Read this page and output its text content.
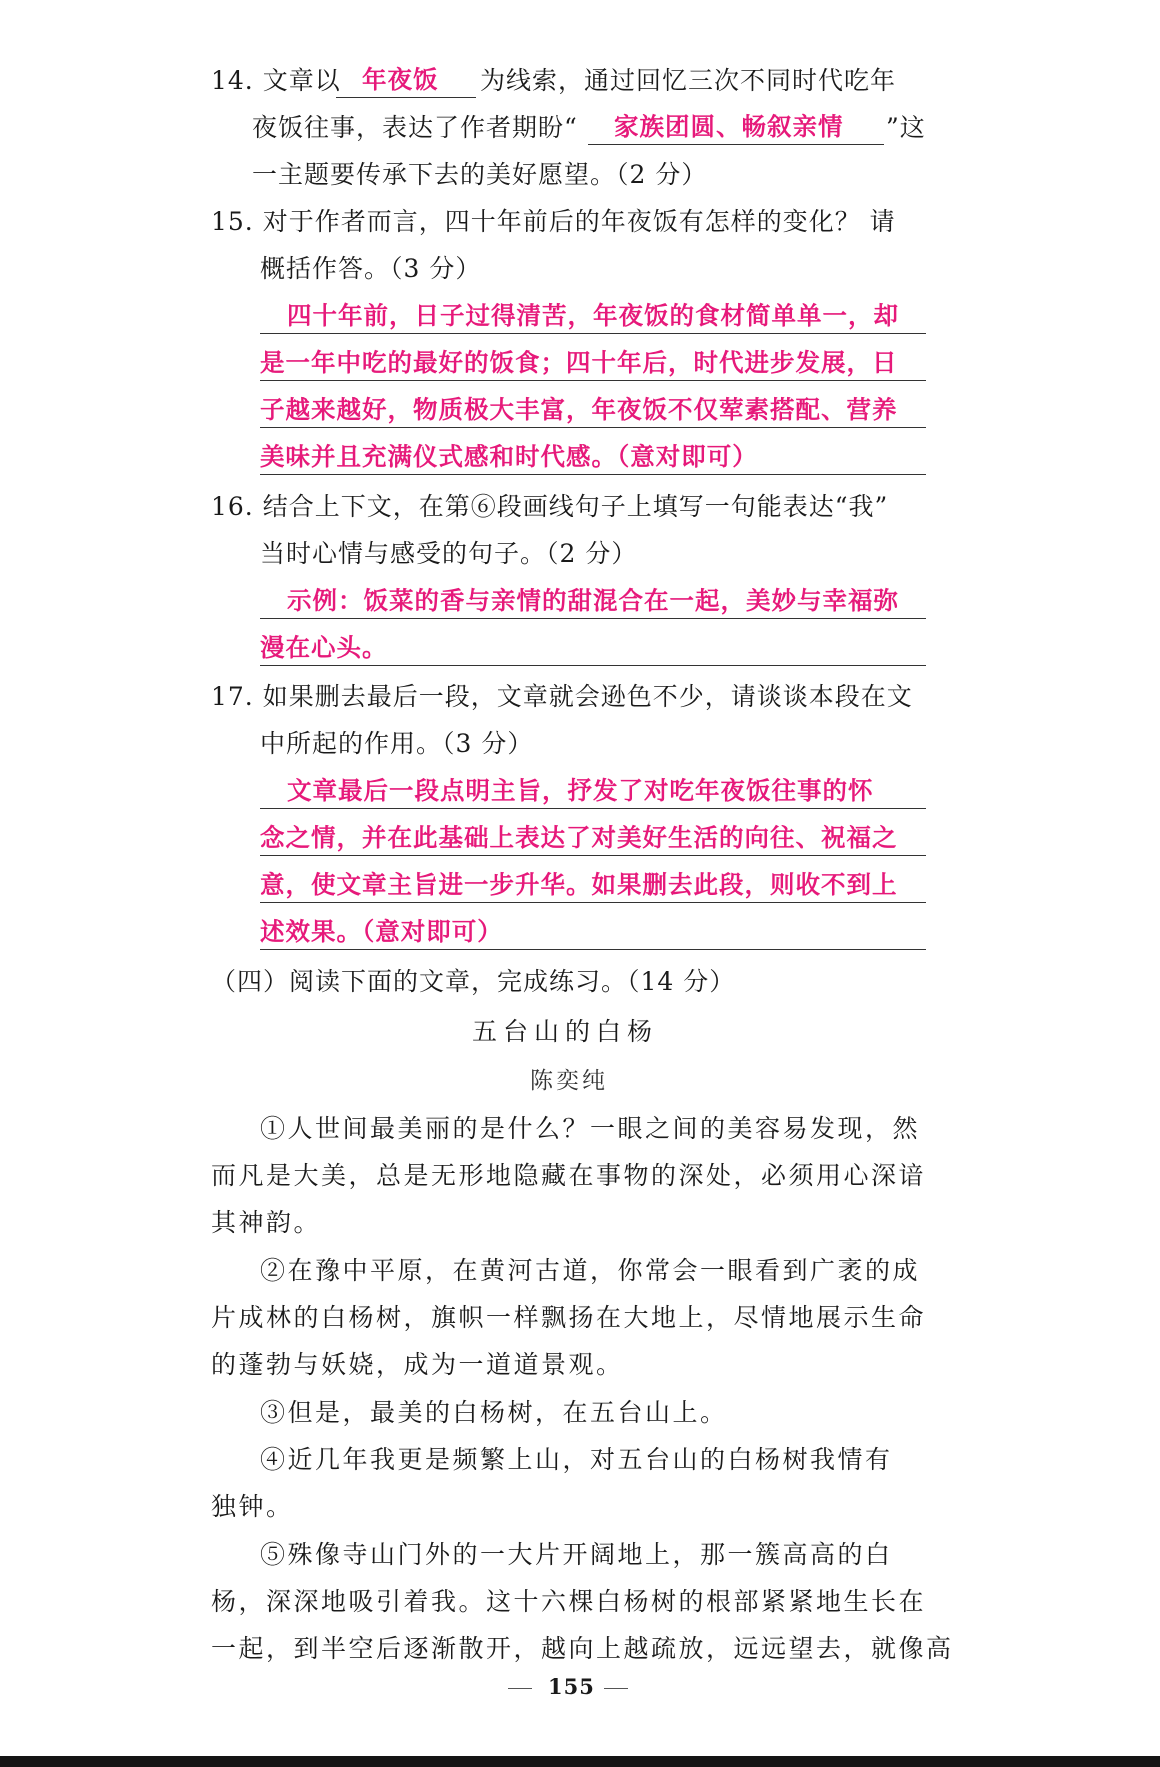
14. 文章以 年夜饭 为线索，通过回忆三次不同时代吃年
夜饭往事，表达了作者期盼“ 家族团圆、畅叙亲情 ”这
一主题要传承下去的美好愿望。（2 分）
15. 对于作者而言，四十年前后的年夜饭有怎样的变化？ 请
概括作答。（3 分）
四十年前，日子过得清苦，年夜饭的食材简单单一，却
是一年中吃的最好的饭食；四十年后，时代进步发展，日
子越来越好，物质极大丰富，年夜饭不仅荤素搭配、营养
美味并且充满仪式感和时代感。（意对即可）
16. 结合上下文，在第⑥段画线句子上填写一句能表达“我”
当时心情与感受的句子。（2 分）
示例：饭菜的香与亲情的甜混合在一起，美妙与幸福弥
漫在心头。
17. 如果删去最后一段，文章就会逊色不少，请谈谈本段在文
中所起的作用。（3 分）
文章最后一段点明主旨，抒发了对吃年夜饭往事的怀
念之情，并在此基础上表达了对美好生活的向往、祝福之
意，使文章主旨进一步升华。如果删去此段，则收不到上
述效果。（意对即可）
（四）阅读下面的文章，完成练习。（14 分）
五台山的白杨
陈奕纯
①人世间最美丽的是什么？一眼之间的美容易发现，然
而凡是大美，总是无形地隐藏在事物的深处，必须用心深谙
其神韵。
②在豫中平原，在黄河古道，你常会一眼看到广袤的成
片成林的白杨树，旗帜一样飘扬在大地上，尽情地展示生命
的蓬勃与妖娆，成为一道道景观。
③但是，最美的白杨树，在五台山上。
④近几年我更是频繁上山，对五台山的白杨树我情有
独钟。
⑤殊像寺山门外的一大片开阔地上，那一簇高高的白
杨，深深地吸引着我。这十六棵白杨树的根部紧紧地生长在
一起，到半空后逐渐散开，越向上越疏放，远远望去，就像高
155
